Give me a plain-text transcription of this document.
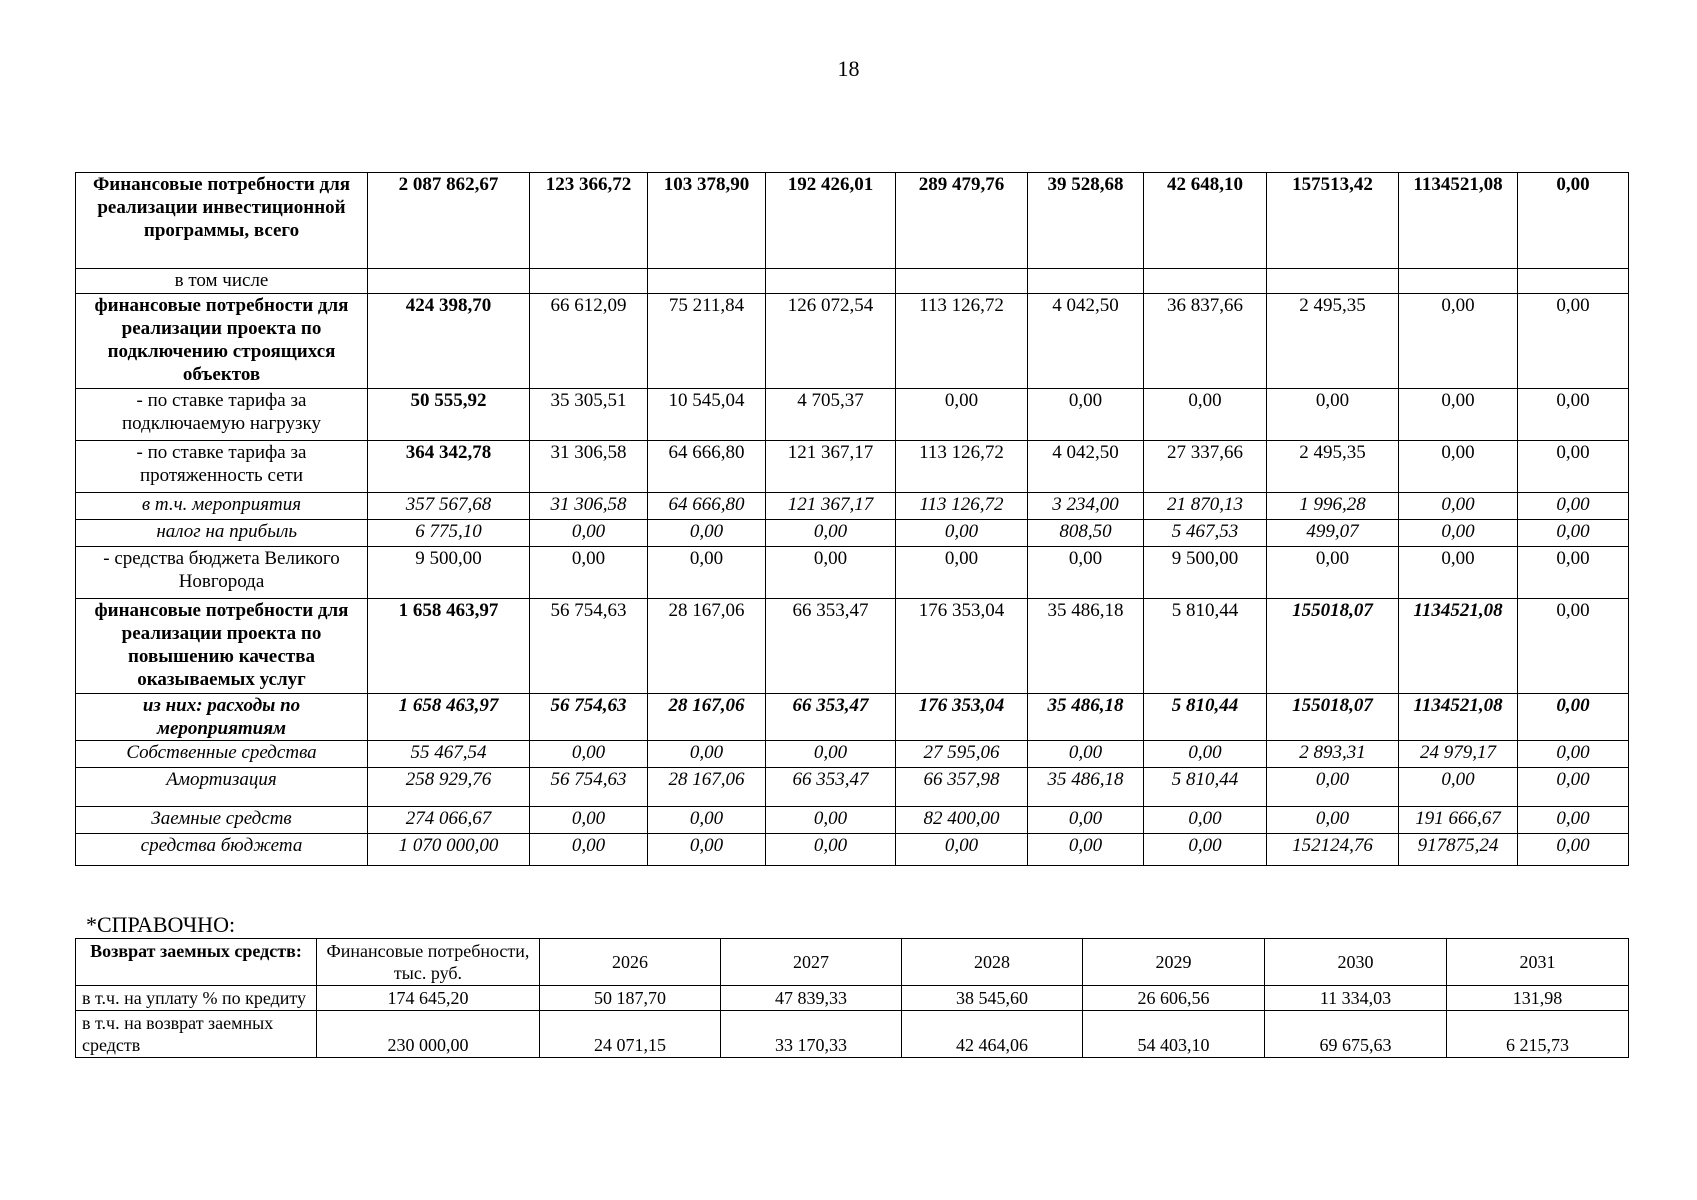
18
Финансовые потребности для реализации инвестиционной программы, всего	2 087 862,67	123 366,72	103 378,90	192 426,01	289 479,76	39 528,68	42 648,10	157513,42	1134521,08	0,00
в том числе										
финансовые потребности для реализации проекта по подключению строящихся объектов	424 398,70	66 612,09	75 211,84	126 072,54	113 126,72	4 042,50	36 837,66	2 495,35	0,00	0,00
- по ставке тарифа за подключаемую нагрузку	50 555,92	35 305,51	10 545,04	4 705,37	0,00	0,00	0,00	0,00	0,00	0,00
- по ставке тарифа за протяженность сети	364 342,78	31 306,58	64 666,80	121 367,17	113 126,72	4 042,50	27 337,66	2 495,35	0,00	0,00
в т.ч. мероприятия	357 567,68	31 306,58	64 666,80	121 367,17	113 126,72	3 234,00	21 870,13	1 996,28	0,00	0,00
налог на прибыль	6 775,10	0,00	0,00	0,00	0,00	808,50	5 467,53	499,07	0,00	0,00
- средства бюджета Великого Новгорода	9 500,00	0,00	0,00	0,00	0,00	0,00	9 500,00	0,00	0,00	0,00
финансовые потребности для реализации проекта по повышению качества оказываемых услуг	1 658 463,97	56 754,63	28 167,06	66 353,47	176 353,04	35 486,18	5 810,44	155018,07	1134521,08	0,00
из них: расходы по мероприятиям	1 658 463,97	56 754,63	28 167,06	66 353,47	176 353,04	35 486,18	5 810,44	155018,07	1134521,08	0,00
Собственные средства	55 467,54	0,00	0,00	0,00	27 595,06	0,00	0,00	2 893,31	24 979,17	0,00
Амортизация	258 929,76	56 754,63	28 167,06	66 353,47	66 357,98	35 486,18	5 810,44	0,00	0,00	0,00
Заемные средств	274 066,67	0,00	0,00	0,00	82 400,00	0,00	0,00	0,00	191 666,67	0,00
средства бюджета	1 070 000,00	0,00	0,00	0,00	0,00	0,00	0,00	152124,76	917875,24	0,00
*СПРАВОЧНО:
Возврат заемных средств:	Финансовые потребности, тыс. руб.	2026	2027	2028	2029	2030	2031
в т.ч. на уплату % по кредиту	174 645,20	50 187,70	47 839,33	38 545,60	26 606,56	11 334,03	131,98
в т.ч. на возврат заемных средств	230 000,00	24 071,15	33 170,33	42 464,06	54 403,10	69 675,63	6 215,73
